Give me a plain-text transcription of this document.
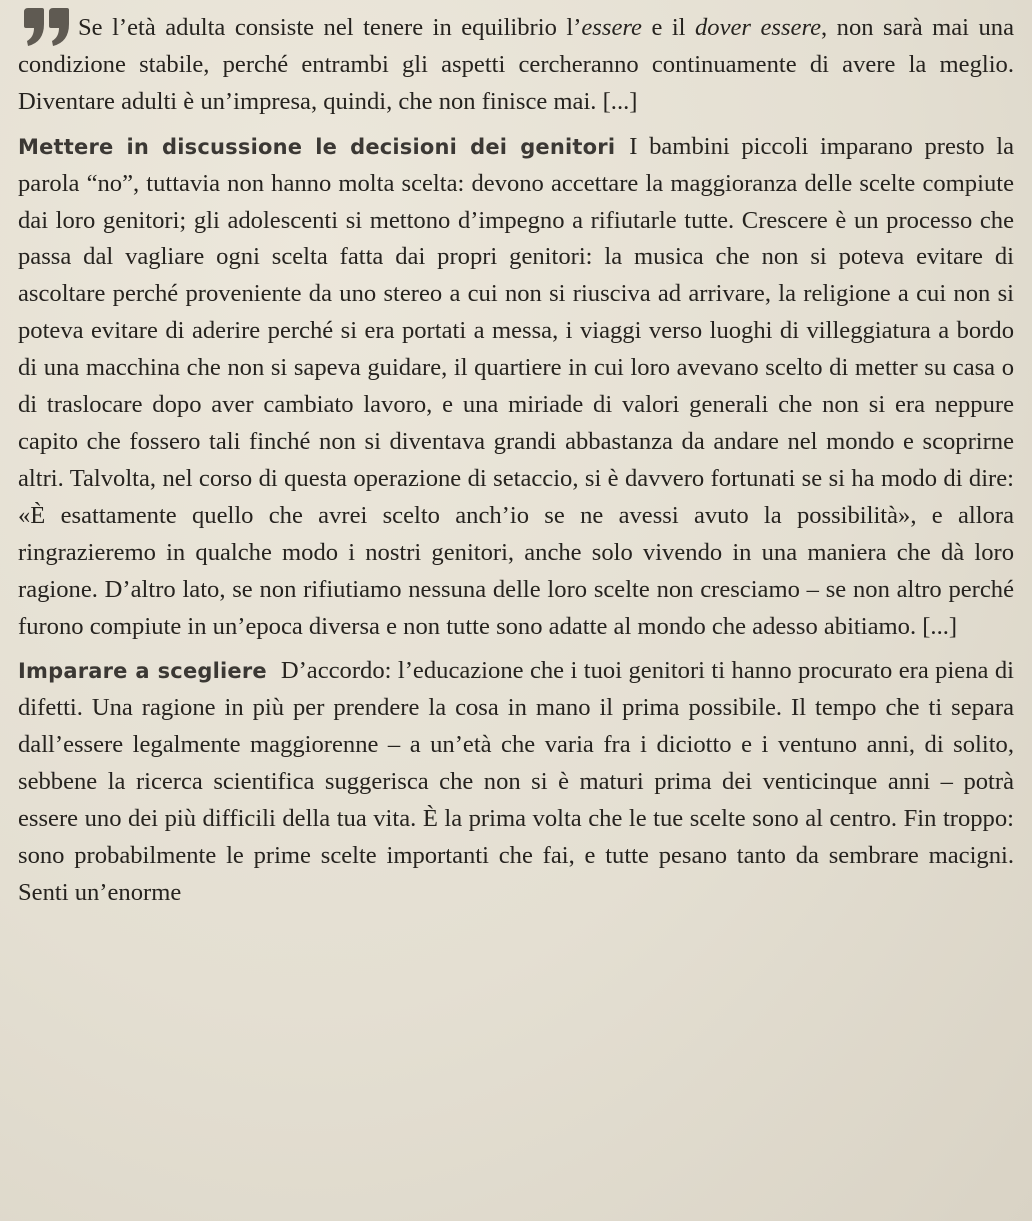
Se l’età adulta consiste nel tenere in equilibrio l’essere e il dover essere, non sarà mai una condizione stabile, perché entrambi gli aspetti cercheranno continuamente di avere la meglio. Diventare adulti è un’impresa, quindi, che non finisce mai. [...]

Mettere in discussione le decisioni dei genitori I bambini piccoli imparano presto la parola “no”, tuttavia non hanno molta scelta: devono accettare la maggioranza delle scelte compiute dai loro genitori; gli adolescenti si mettono d’impegno a rifiutarle tutte. Crescere è un processo che passa dal vagliare ogni scelta fatta dai propri genitori: la musica che non si poteva evitare di ascoltare perché proveniente da uno stereo a cui non si riusciva ad arrivare, la religione a cui non si poteva evitare di aderire perché si era portati a messa, i viaggi verso luoghi di villeggiatura a bordo di una macchina che non si sapeva guidare, il quartiere in cui loro avevano scelto di metter su casa o di traslocare dopo aver cambiato lavoro, e una miriade di valori generali che non si era neppure capito che fossero tali finché non si diventava grandi abbastanza da andare nel mondo e scoprirne altri. Talvolta, nel corso di questa operazione di setaccio, si è davvero fortunati se si ha modo di dire: «È esattamente quello che avrei scelto anch’io se ne avessi avuto la possibilità», e allora ringrazieremo in qualche modo i nostri genitori, anche solo vivendo in una maniera che dà loro ragione. D’altro lato, se non rifiutiamo nessuna delle loro scelte non cresciamo – se non altro perché furono compiute in un’epoca diversa e non tutte sono adatte al mondo che adesso abitiamo. [...]

Imparare a scegliere D’accordo: l’educazione che i tuoi genitori ti hanno procurato era piena di difetti. Una ragione in più per prendere la cosa in mano il prima possibile. Il tempo che ti separa dall’essere legalmente maggiorenne – a un’età che varia fra i diciotto e i ventuno anni, di solito, sebbene la ricerca scientifica suggerisca che non si è maturi prima dei venticinque anni – potrà essere uno dei più difficili della tua vita. È la prima volta che le tue scelte sono al centro. Fin troppo: sono probabilmente le prime scelte importanti che fai, e tutte pesano tanto da sembrare macigni. Senti un’enorme
